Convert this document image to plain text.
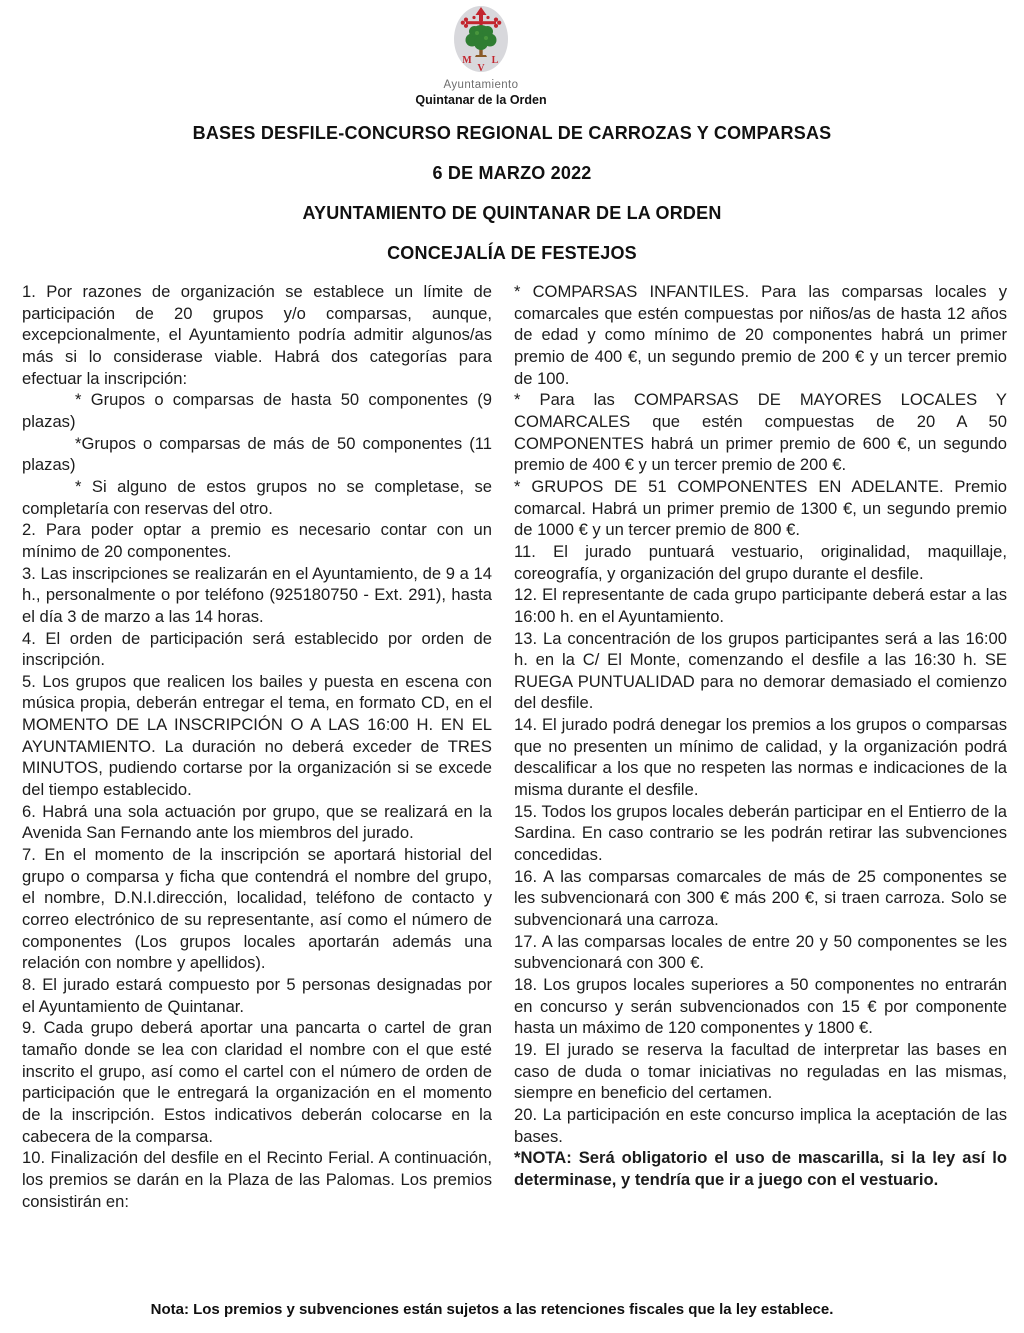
M L
V
Ayuntamiento
Quintanar de la Orden
BASES DESFILE-CONCURSO REGIONAL DE CARROZAS Y COMPARSAS
6 DE MARZO 2022
AYUNTAMIENTO DE QUINTANAR DE LA ORDEN
CONCEJALÍA DE FESTEJOS

1. Por razones de organización se establece un límite de participación de 20 grupos y/o comparsas, aunque, excepcionalmente, el Ayuntamiento podría admitir algunos/as más si lo considerase viable. Habrá dos categorías para efectuar la inscripción:

* Grupos o comparsas de hasta 50 componentes (9 plazas)

*Grupos o comparsas de más de 50 componentes (11 plazas)

* Si alguno de estos grupos no se completase, se completaría con reservas del otro.

2. Para poder optar a premio es necesario contar con un mínimo de 20 componentes.

3. Las inscripciones se realizarán en el Ayuntamiento, de 9 a 14 h., personalmente o por teléfono (925180750 - Ext. 291), hasta el día 3 de marzo a las 14 horas.

4. El orden de participación será establecido por orden de inscripción.

5. Los grupos que realicen los bailes y puesta en escena con música propia, deberán entregar el tema, en formato CD, en el MOMENTO DE LA INSCRIPCIÓN O A LAS 16:00 H. EN EL AYUNTAMIENTO. La duración no deberá exceder de TRES MINUTOS, pudiendo cortarse por la organización si se excede del tiempo establecido.

6. Habrá una sola actuación por grupo, que se realizará en la Avenida San Fernando ante los miembros del jurado.

7. En el momento de la inscripción se aportará historial del grupo o comparsa y ficha que contendrá el nombre del grupo, el nombre, D.N.I.dirección, localidad, teléfono de contacto y correo electrónico de su representante, así como el número de componentes (Los grupos locales aportarán además una relación con nombre y apellidos).

8. El jurado estará compuesto por 5 personas designadas por el Ayuntamiento de Quintanar.

9. Cada grupo deberá aportar una pancarta o cartel de gran tamaño donde se lea con claridad el nombre con el que esté inscrito el grupo, así como el cartel con el número de orden de participación que le entregará la organización en el momento de la inscripción. Estos indicativos deberán colocarse en la cabecera de la comparsa.

10. Finalización del desfile en el Recinto Ferial. A continuación, los premios se darán en la Plaza de las Palomas. Los premios consistirán en:

* COMPARSAS INFANTILES. Para las comparsas locales y comarcales que estén compuestas por niños/as de hasta 12 años de edad y como mínimo de 20 componentes habrá un primer premio de 400 €, un segundo premio de 200 € y un tercer premio de 100.

* Para las COMPARSAS DE MAYORES LOCALES Y COMARCALES que estén compuestas de 20 A 50 COMPONENTES habrá un primer premio de 600 €, un segundo premio de 400 € y un tercer premio de 200 €.

* GRUPOS DE 51 COMPONENTES EN ADELANTE. Premio comarcal. Habrá un primer premio de 1300 €, un segundo premio de 1000 € y un tercer premio de 800 €.

11. El jurado puntuará vestuario, originalidad, maquillaje, coreografía, y organización del grupo durante el desfile.

12. El representante de cada grupo participante deberá estar a las 16:00 h. en el Ayuntamiento.

13. La concentración de los grupos participantes será a las 16:00 h. en la C/ El Monte, comenzando el desfile a las 16:30 h. SE RUEGA PUNTUALIDAD para no demorar demasiado el comienzo del desfile.

14. El jurado podrá denegar los premios a los grupos o comparsas que no presenten un mínimo de calidad, y la organización podrá descalificar a los que no respeten las normas e indicaciones de la misma durante el desfile.

15. Todos los grupos locales deberán participar en el Entierro de la Sardina. En caso contrario se les podrán retirar las subvenciones concedidas.

16. A las comparsas comarcales de más de 25 componentes se les subvencionará con 300 € más 200 €, si traen carroza. Solo se subvencionará una carroza.

17. A las comparsas locales de entre 20 y 50 componentes se les subvencionará con 300 €.

18. Los grupos locales superiores a 50 componentes no entrarán en concurso y serán subvencionados con 15 € por componente hasta un máximo de 120 componentes y 1800 €.

19. El jurado se reserva la facultad de interpretar las bases en caso de duda o tomar iniciativas no reguladas en las mismas, siempre en beneficio del certamen.

20. La participación en este concurso implica la aceptación de las bases.

*NOTA: Será obligatorio el uso de mascarilla, si la ley así lo determinase, y tendría que ir a juego con el vestuario.

Nota: Los premios y subvenciones están sujetos a las retenciones fiscales que la ley establece.
